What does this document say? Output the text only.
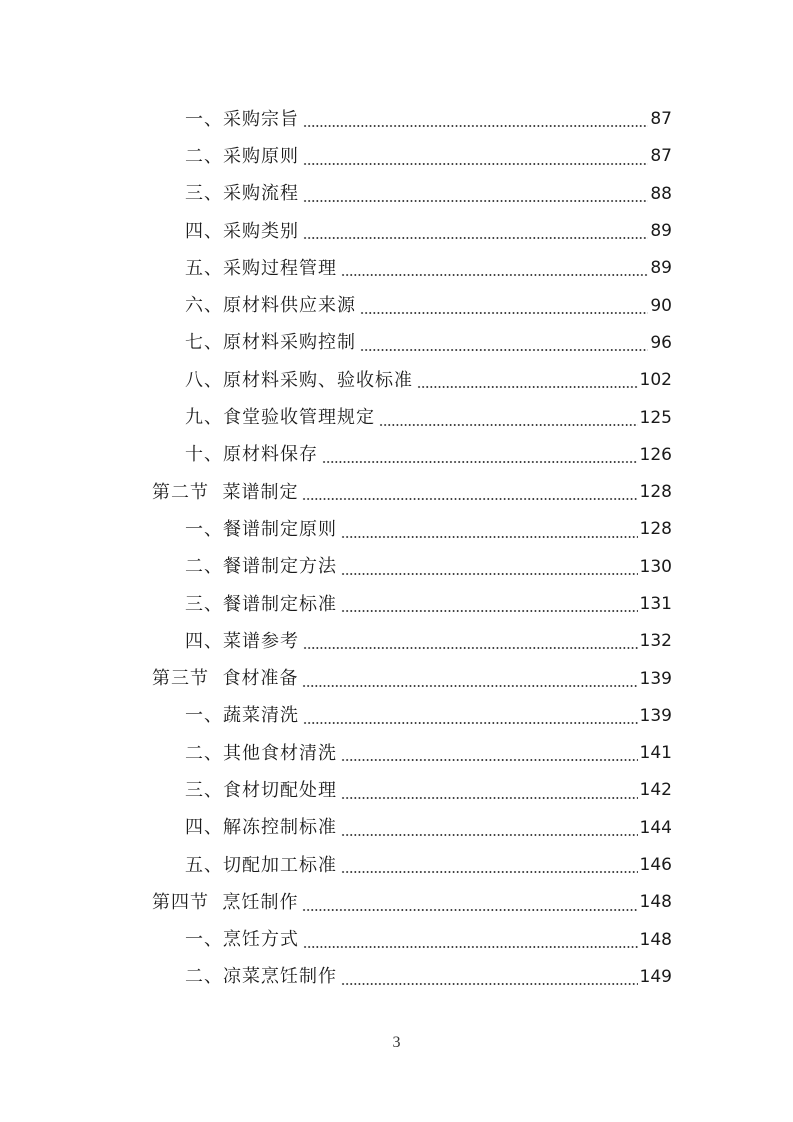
一、采购宗旨	87
二、采购原则	87
三、采购流程	88
四、采购类别	89
五、采购过程管理	89
六、原材料供应来源	90
七、原材料采购控制	96
八、原材料采购、验收标准	102
九、食堂验收管理规定	125
十、原材料保存	126
第二节  菜谱制定	128
一、餐谱制定原则	128
二、餐谱制定方法	130
三、餐谱制定标准	131
四、菜谱参考	132
第三节  食材准备	139
一、蔬菜清洗	139
二、其他食材清洗	141
三、食材切配处理	142
四、解冻控制标准	144
五、切配加工标准	146
第四节  烹饪制作	148
一、烹饪方式	148
二、凉菜烹饪制作	149
3
